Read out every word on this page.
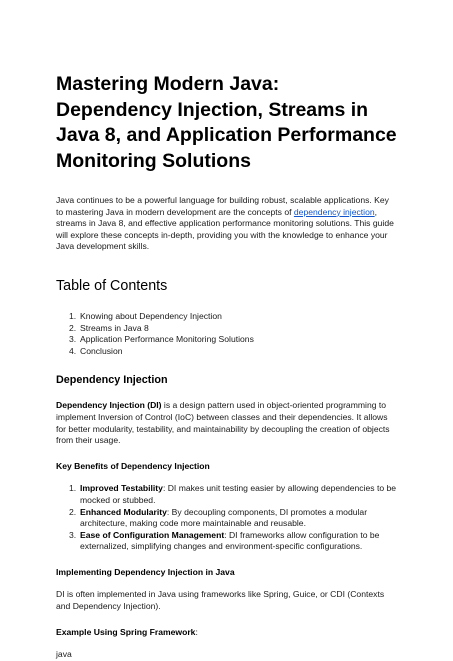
Mastering Modern Java: Dependency Injection, Streams in Java 8, and Application Performance Monitoring Solutions

Java continues to be a powerful language for building robust, scalable applications. Key to mastering Java in modern development are the concepts of dependency injection, streams in Java 8, and effective application performance monitoring solutions. This guide will explore these concepts in-depth, providing you with the knowledge to enhance your Java development skills.

Table of Contents
1. Knowing about Dependency Injection
2. Streams in Java 8
3. Application Performance Monitoring Solutions
4. Conclusion
Dependency Injection

Dependency Injection (DI) is a design pattern used in object-oriented programming to implement Inversion of Control (IoC) between classes and their dependencies. It allows for better modularity, testability, and maintainability by decoupling the creation of objects from their usage.

Key Benefits of Dependency Injection
1. Improved Testability: DI makes unit testing easier by allowing dependencies to be mocked or stubbed.
2. Enhanced Modularity: By decoupling components, DI promotes a modular architecture, making code more maintainable and reusable.
3. Ease of Configuration Management: DI frameworks allow configuration to be externalized, simplifying changes and environment-specific configurations.
Implementing Dependency Injection in Java

DI is often implemented in Java using frameworks like Spring, Guice, or CDI (Contexts and Dependency Injection).

Example Using Spring Framework:

java
